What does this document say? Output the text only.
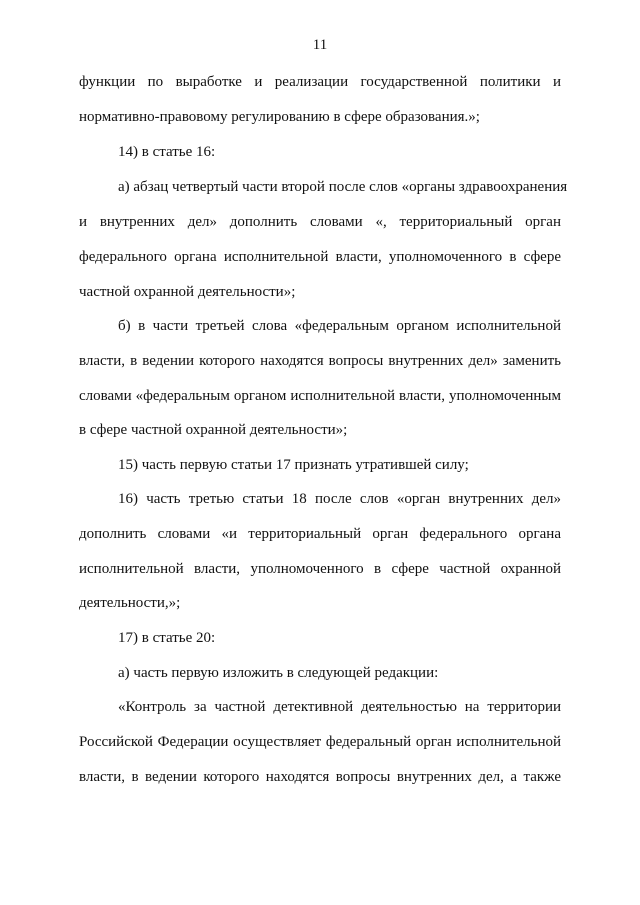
11
функции по выработке и реализации государственной политики и
нормативно-правовому регулированию в сфере образования.»;
14) в статье 16:
а) абзац четвертый части второй после слов «органы здравоохранения
и внутренних дел» дополнить словами «, территориальный орган
федерального органа исполнительной власти, уполномоченного в сфере
частной охранной деятельности»;
б) в части третьей слова «федеральным органом исполнительной
власти, в ведении которого находятся вопросы внутренних дел» заменить
словами «федеральным органом исполнительной власти, уполномоченным
в сфере частной охранной деятельности»;
15) часть первую статьи 17 признать утратившей силу;
16) часть третью статьи 18 после слов «орган внутренних дел»
дополнить словами «и территориальный орган федерального органа
исполнительной власти, уполномоченного в сфере частной охранной
деятельности,»;
17) в статье 20:
а) часть первую изложить в следующей редакции:
«Контроль за частной детективной деятельностью на территории
Российской Федерации осуществляет федеральный орган исполнительной
власти, в ведении которого находятся вопросы внутренних дел, а также
